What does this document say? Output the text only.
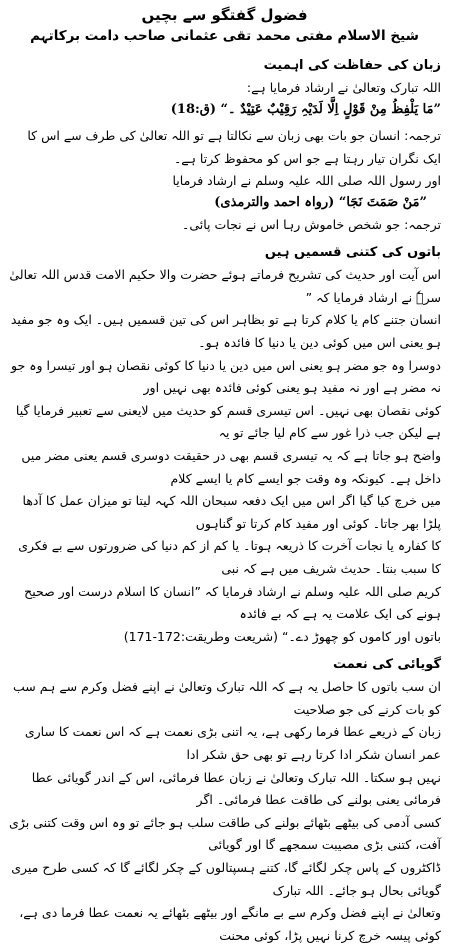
فضول گفتگو سے بچیں
شیخ الاسلام مفتی محمد تقی عثمانی صاحب دامت برکاتہم
زبان کی حفاظت کی اہمیت
اللہ تبارک وتعالیٰ نے ارشاد فرمایا ہے:
”مَا یَلْفِظُ مِنْ قَوْلٍ اِلَّا لَدَیْہِ رَقِیْبٌ عَتِیْدٌ ۔“ (ق:18)
ترجمہ: انسان جو بات بھی زبان سے نکالتا ہے تو اللہ تعالیٰ کی طرف سے اس کا ایک نگران تیار رہتا ہے جو اس کو محفوظ کرتا ہے۔
اور رسول اللہ صلی اللہ علیہ وسلم نے ارشاد فرمایا
”مَنْ صَمَتَ نَجَا“ (رواہ احمد والترمذی)
ترجمہ: جو شخص خاموش رہا اس نے نجات پائی۔
باتوں کی کتنی قسمیں ہیں
اس آیت اور حدیث کی تشریح فرماتے ہوئے حضرت والا حکیم الامت قدس اللہ تعالیٰ سرہٗ نے ارشاد فرمایا کہ ”
انسان جتنے کام یا کلام کرتا ہے تو بظاہر اس کی تین قسمیں ہیں۔ ایک وہ جو مفید ہو یعنی اس میں کوئی دین یا دنیا کا فائدہ ہو۔
دوسرا وہ جو مضر ہو یعنی اس میں دین یا دنیا کا کوئی نقصان ہو اور تیسرا وہ جو نہ مضر ہے اور نہ مفید ہو یعنی کوئی فائدہ بھی نہیں اور
کوئی نقصان بھی نہیں۔ اس تیسری قسم کو حدیث میں لایعنی سے تعبیر فرمایا گیا ہے لیکن جب ذرا غور سے کام لیا جائے تو یہ
واضح ہو جاتا ہے کہ یہ تیسری قسم بھی در حقیقت دوسری قسم یعنی مضر میں داخل ہے۔ کیونکہ وہ وقت جو ایسے کام یا ایسے کلام
میں خرچ کیا گیا اگر اس میں ایک دفعہ سبحان اللہ کہہ لیتا تو میزان عمل کا آدھا پلڑا بھر جاتا۔ کوئی اور مفید کام کرتا تو گناہوں
کا کفارہ یا نجات آخرت کا ذریعہ ہوتا۔ یا کم از کم دنیا کی ضرورتوں سے بے فکری کا سبب بنتا۔ حدیث شریف میں ہے کہ نبی
کریم صلی اللہ علیہ وسلم نے ارشاد فرمایا کہ ”انسان کا اسلام درست اور صحیح ہونے کی ایک علامت یہ ہے کہ بے فائدہ
باتوں اور کاموں کو چھوڑ دے۔“ (شریعت وطریقت:172-171)
گویائی کی نعمت
ان سب باتوں کا حاصل یہ ہے کہ اللہ تبارک وتعالیٰ نے اپنے فضل وکرم سے ہم سب کو بات کرنے کی جو صلاحیت
زبان کے ذریعے عطا فرما رکھی ہے، یہ اتنی بڑی نعمت ہے کہ اس نعمت کا ساری عمر انسان شکر ادا کرتا رہے تو بھی حق شکر ادا
نہیں ہو سکتا۔ اللہ تبارک وتعالیٰ نے زبان عطا فرمائی، اس کے اندر گویائی عطا فرمائی یعنی بولنے کی طاقت عطا فرمائی۔ اگر
کسی آدمی کی بیٹھے بٹھائے بولنے کی طاقت سلب ہو جائے تو وہ اس وقت کتنی بڑی آفت، کتنی بڑی مصیبت سمجھے گا اور گویائی
ڈاکٹروں کے پاس چکر لگائے گا، کتنے ہسپتالوں کے چکر لگائے گا کہ کسی طرح میری گویائی بحال ہو جائے۔ اللہ تبارک
وتعالیٰ نے اپنے فضل وکرم سے بے مانگے اور بیٹھے بٹھائے یہ نعمت عطا فرما دی ہے، کوئی پیسہ خرچ کرنا نہیں پڑا، کوئی محنت
